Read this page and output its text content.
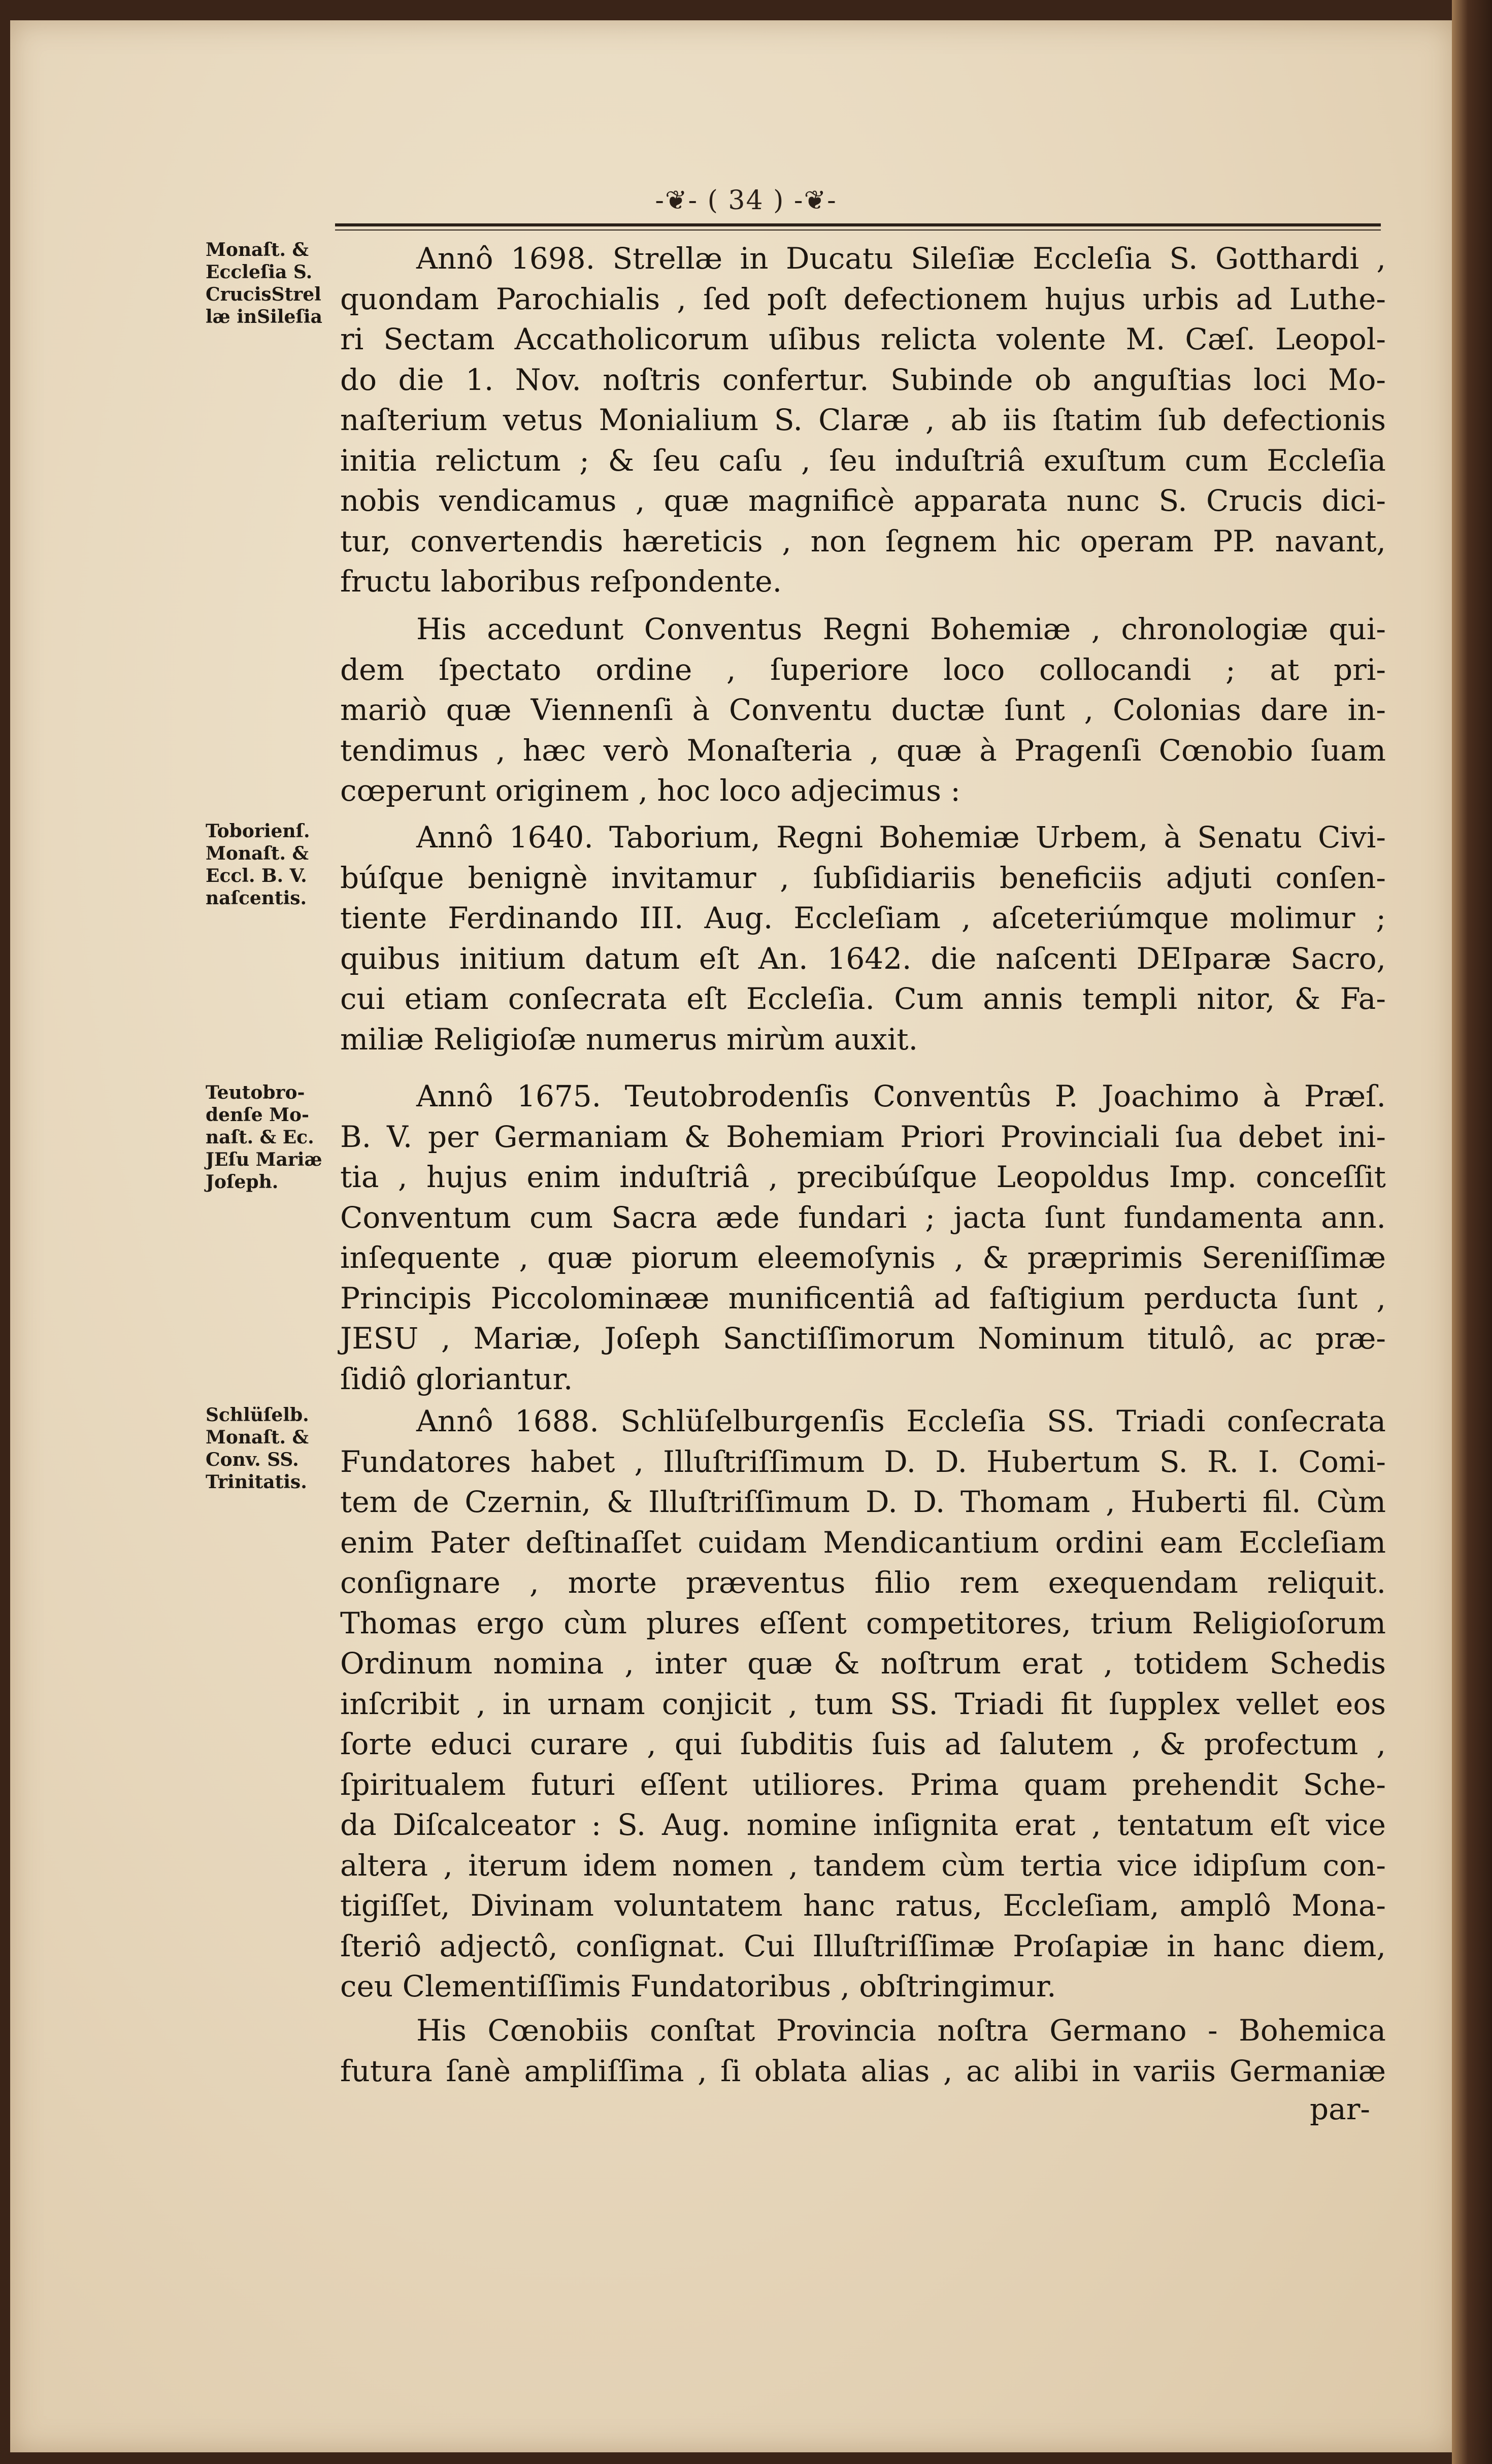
-❦- ( 34 ) -❦-
Monaſt. & Eccleſia S. CrucisStrel læ inSileſia
Toborienſ. Monaſt. & Eccl. B. V. naſcentis.
Teutobro-denſe Mo-naſt. & Ec. JEſu Mariæ Joſeph.
Schlüſelb. Monaſt. & Conv. SS. Trinitatis.
Annô 1698. Strellæ in Ducatu Sileſiæ Eccleſia S. Gotthardi ,
quondam Parochialis , ſed poſt defectionem hujus urbis ad Luthe-
ri Sectam Accatholicorum uſibus relicta volente M. Cæſ. Leopol-
do die 1. Nov. noſtris confertur. Subinde ob anguſtias loci Mo-
naſterium vetus Monialium S. Claræ , ab iis ſtatim ſub defectionis
initia relictum ; & ſeu caſu , ſeu induſtriâ exuſtum cum Eccleſia
nobis vendicamus , quæ magnificè apparata nunc S. Crucis dici-
tur, convertendis hæreticis , non ſegnem hic operam PP. navant,
fructu laboribus reſpondente.
His accedunt Conventus Regni Bohemiæ , chronologiæ qui-
dem ſpectato ordine , ſuperiore loco collocandi ; at pri-
mariò quæ Viennenſi à Conventu ductæ ſunt , Colonias dare in-
tendimus , hæc verò Monaſteria , quæ à Pragenſi Cœnobio ſuam
cœperunt originem , hoc loco adjecimus :
Annô 1640. Taborium, Regni Bohemiæ Urbem, à Senatu Civi-
búſque benignè invitamur , ſubſidiariis beneficiis adjuti conſen-
tiente Ferdinando III. Aug. Eccleſiam , aſceteriúmque molimur ;
quibus initium datum eſt An. 1642. die naſcenti DEIparæ Sacro,
cui etiam conſecrata eſt Eccleſia. Cum annis templi nitor, & Fa-
miliæ Religioſæ numerus mirùm auxit.
Annô 1675. Teutobrodenſis Conventûs P. Joachimo à Præſ.
B. V. per Germaniam & Bohemiam Priori Provinciali ſua debet ini-
tia , hujus enim induſtriâ , precibúſque Leopoldus Imp. conceſſit
Conventum cum Sacra æde fundari ; jacta ſunt fundamenta ann.
inſequente , quæ piorum eleemoſynis , & præprimis Sereniſſimæ
Principis Piccolominææ munificentiâ ad faſtigium perducta ſunt ,
JESU , Mariæ, Joſeph Sanctiſſimorum Nominum titulô, ac præ-
ſidiô gloriantur.
Annô 1688. Schlüſelburgenſis Eccleſia SS. Triadi conſecrata
Fundatores habet , Illuſtriſſimum D. D. Hubertum S. R. I. Comi-
tem de Czernin, & Illuſtriſſimum D. D. Thomam , Huberti fil. Cùm
enim Pater deſtinaſſet cuidam Mendicantium ordini eam Eccleſiam
conſignare , morte præventus filio rem exequendam reliquit.
Thomas ergo cùm plures eſſent competitores, trium Religioſorum
Ordinum nomina , inter quæ & noſtrum erat , totidem Schedis
inſcribit , in urnam conjicit , tum SS. Triadi fit ſupplex vellet eos
ſorte educi curare , qui ſubditis ſuis ad ſalutem , & profectum ,
ſpiritualem futuri eſſent utiliores. Prima quam prehendit Sche-
da Diſcalceator : S. Aug. nomine inſignita erat , tentatum eſt vice
altera , iterum idem nomen , tandem cùm tertia vice idipſum con-
tigiſſet, Divinam voluntatem hanc ratus, Eccleſiam, amplô Mona-
ſteriô adjectô, conſignat. Cui Illuſtriſſimæ Proſapiæ in hanc diem,
ceu Clementiſſimis Fundatoribus , obſtringimur.
His Cœnobiis conſtat Provincia noſtra Germano - Bohemica
futura ſanè ampliſſima , ſi oblata alias , ac alibi in variis Germaniæ
par-
